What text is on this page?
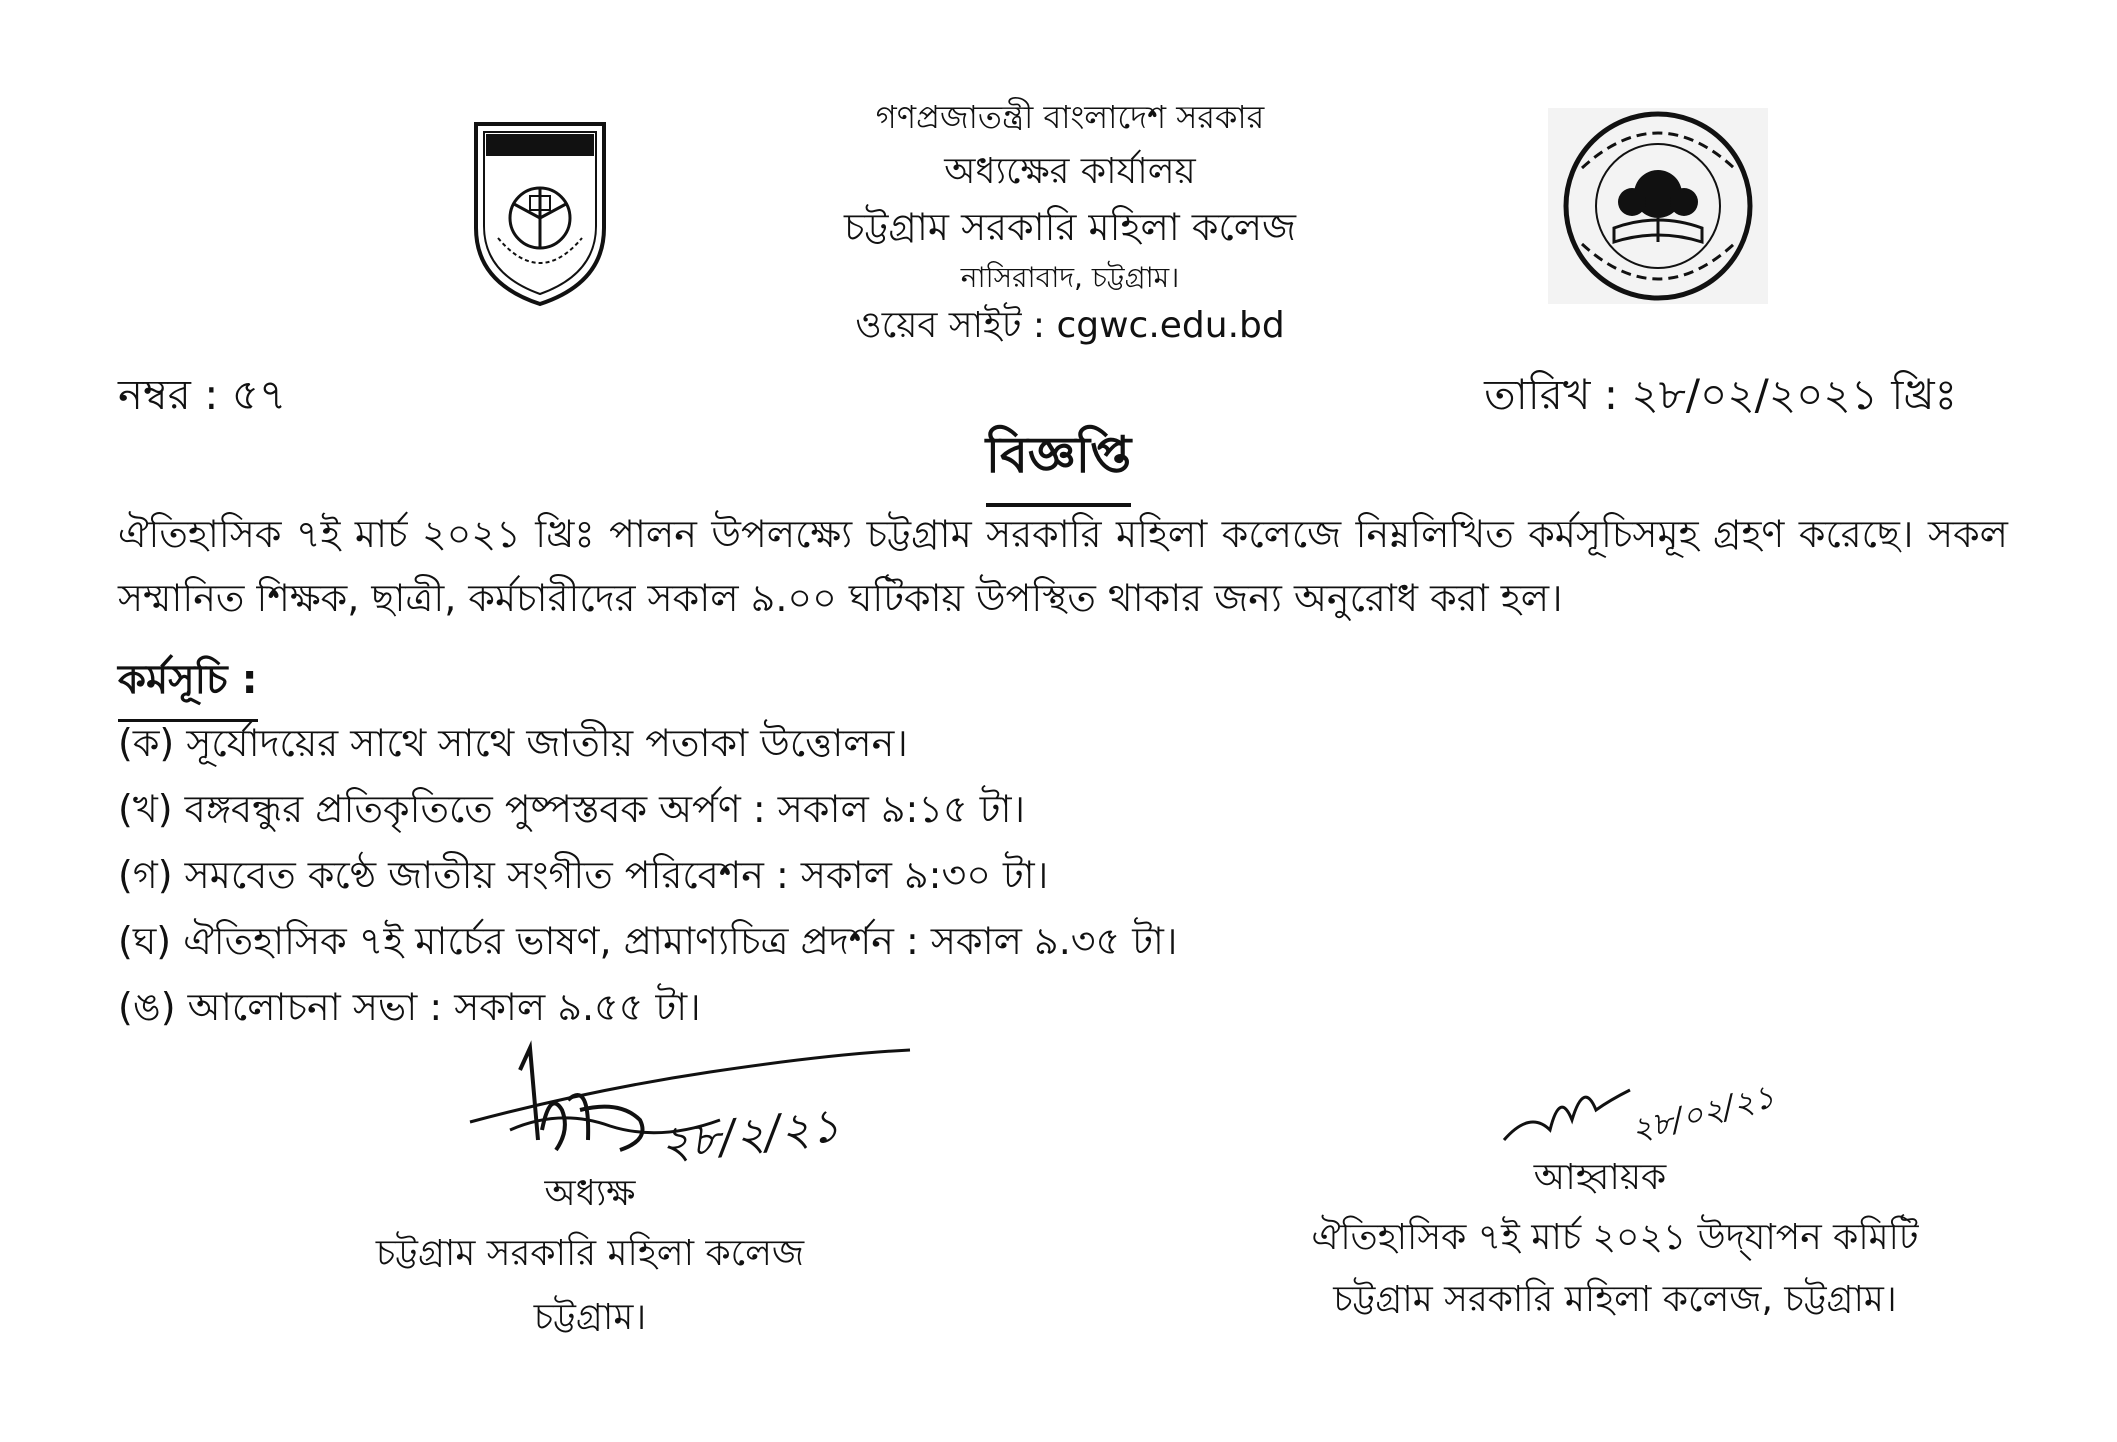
গণপ্রজাতন্ত্রী বাংলাদেশ সরকার
অধ্যক্ষের কার্যালয়
চট্টগ্রাম সরকারি মহিলা কলেজ
নাসিরাবাদ, চট্টগ্রাম।
ওয়েব সাইট : cgwc.edu.bd
নম্বর : ৫৭	তারিখ : ২৮/০২/২০২১ খ্রিঃ
বিজ্ঞপ্তি
ঐতিহাসিক ৭ই মার্চ ২০২১ খ্রিঃ পালন উপলক্ষ্যে চট্টগ্রাম সরকারি মহিলা কলেজে নিম্নলিখিত কর্মসূচিসমূহ গ্রহণ করেছে। সকল সম্মানিত শিক্ষক, ছাত্রী, কর্মচারীদের সকাল ৯.০০ ঘটিকায় উপস্থিত থাকার জন্য অনুরোধ করা হল।
কর্মসূচি :
(ক) সূর্যোদয়ের সাথে সাথে জাতীয় পতাকা উত্তোলন।
(খ) বঙ্গবন্ধুর প্রতিকৃতিতে পুষ্পস্তবক অর্পণ : সকাল ৯:১৫ টা।
(গ) সমবেত কণ্ঠে জাতীয় সংগীত পরিবেশন : সকাল ৯:৩০ টা।
(ঘ) ঐতিহাসিক ৭ই মার্চের ভাষণ, প্রামাণ্যচিত্র প্রদর্শন : সকাল ৯.৩৫ টা।
(ঙ) আলোচনা সভা : সকাল ৯.৫৫ টা।
২৮/২/২১
অধ্যক্ষ
চট্টগ্রাম সরকারি মহিলা কলেজ
চট্টগ্রাম।
২৮/০২/২১
আহ্বায়ক
ঐতিহাসিক ৭ই মার্চ ২০২১ উদ্‌যাপন কমিটি
চট্টগ্রাম সরকারি মহিলা কলেজ, চট্টগ্রাম।
